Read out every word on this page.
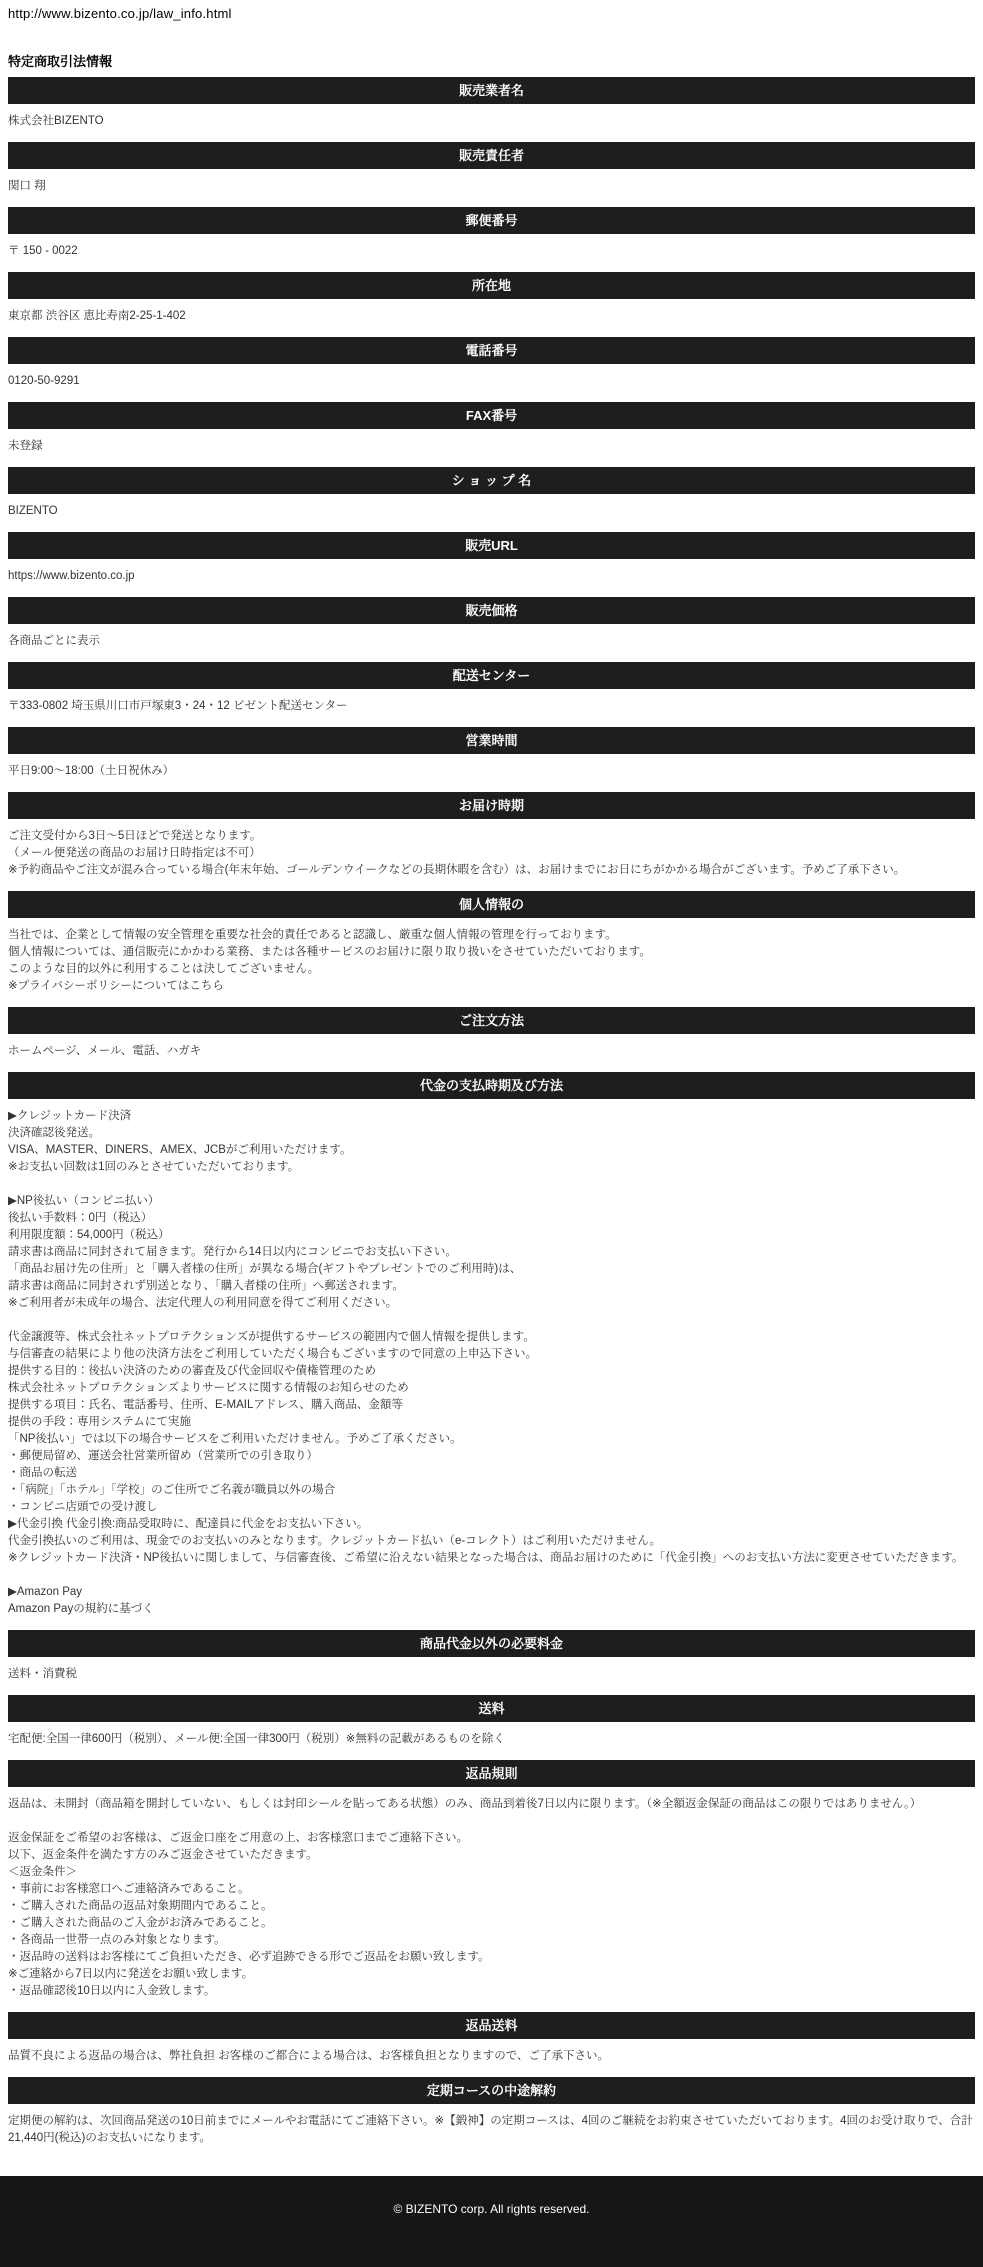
http://www.bizento.co.jp/law_info.html
特定商取引法情報
販売業者名
株式会社BIZENTO
販売責任者
関口 翔
郵便番号
〒 150 - 0022
所在地
東京都 渋谷区 恵比寿南2-25-1-402
電話番号
0120-50-9291
FAX番号
未登録
シ ョ ッ プ 名
BIZENTO
販売URL
https://www.bizento.co.jp
販売価格
各商品ごとに表示
配送センター
〒333-0802 埼玉県川口市戸塚東3・24・12 ビゼント配送センター
営業時間
平日9:00〜18:00（土日祝休み）
お届け時期
ご注文受付から3日〜5日ほどで発送となります。
（メール便発送の商品のお届け日時指定は不可）
※予約商品やご注文が混み合っている場合(年末年始、ゴールデンウイークなどの長期休暇を含む）は、お届けまでにお日にちがかかる場合がございます。予めご了承下さい。
個人情報の
当社では、企業として情報の安全管理を重要な社会的責任であると認識し、厳重な個人情報の管理を行っております。
個人情報については、通信販売にかかわる業務、または各種サービスのお届けに限り取り扱いをさせていただいております。
このような目的以外に利用することは決してございません。
※プライバシーポリシーについてはこちら
ご注文方法
ホームページ、メール、電話、ハガキ
代金の支払時期及び方法
▶クレジットカード決済
決済確認後発送。
VISA、MASTER、DINERS、AMEX、JCBがご利用いただけます。
※お支払い回数は1回のみとさせていただいております。
▶NP後払い（コンビニ払い）
後払い手数料：0円（税込）
利用限度額：54,000円（税込）
請求書は商品に同封されて届きます。発行から14日以内にコンビニでお支払い下さい。
「商品お届け先の住所」と「購入者様の住所」が異なる場合(ギフトやプレゼントでのご利用時)は、
請求書は商品に同封されず別送となり、「購入者様の住所」へ郵送されます。
※ご利用者が未成年の場合、法定代理人の利用同意を得てご利用ください。
代金譲渡等、株式会社ネットプロテクションズが提供するサービスの範囲内で個人情報を提供します。
与信審査の結果により他の決済方法をご利用していただく場合もございますので同意の上申込下さい。
提供する目的：後払い決済のための審査及び代金回収や債権管理のため
株式会社ネットプロテクションズよりサービスに関する情報のお知らせのため
提供する項目：氏名、電話番号、住所、E-MAILアドレス、購入商品、金額等
提供の手段：専用システムにて実施
「NP後払い」では以下の場合サービスをご利用いただけません。予めご了承ください。
・郵便局留め、運送会社営業所留め（営業所での引き取り）
・商品の転送
・「病院」「ホテル」「学校」のご住所でご名義が職員以外の場合
・コンビニ店頭での受け渡し
▶代金引換 代金引換:商品受取時に、配達員に代金をお支払い下さい。
代金引換払いのご利用は、現金でのお支払いのみとなります。クレジットカード払い（e-コレクト）はご利用いただけません。
※クレジットカード決済・NP後払いに関しまして、与信審査後、ご希望に沿えない結果となった場合は、商品お届けのために「代金引換」へのお支払い方法に変更させていただきます。
▶Amazon Pay
Amazon Payの規約に基づく
商品代金以外の必要料金
送料・消費税
送料
宅配便:全国一律600円（税別）、メール便:全国一律300円（税別）※無料の記載があるものを除く
返品規則
返品は、未開封（商品箱を開封していない、もしくは封印シールを貼ってある状態）のみ、商品到着後7日以内に限ります。（※全額返金保証の商品はこの限りではありません。）
返金保証をご希望のお客様は、ご返金口座をご用意の上、お客様窓口までご連絡下さい。
以下、返金条件を満たす方のみご返金させていただきます。
＜返金条件＞
・事前にお客様窓口へご連絡済みであること。
・ご購入された商品の返品対象期間内であること。
・ご購入された商品のご入金がお済みであること。
・各商品一世帯一点のみ対象となります。
・返品時の送料はお客様にてご負担いただき、必ず追跡できる形でご返品をお願い致します。
※ご連絡から7日以内に発送をお願い致します。
・返品確認後10日以内に入金致します。
返品送料
品質不良による返品の場合は、弊社負担 お客様のご都合による場合は、お客様負担となりますので、ご了承下さい。
定期コースの中途解約
定期便の解約は、次回商品発送の10日前までにメールやお電話にてご連絡下さい。※【鍛神】の定期コースは、4回のご継続をお約束させていただいております。4回のお受け取りで、合計21,440円(税込)のお支払いになります。
© BIZENTO corp. All rights reserved.
